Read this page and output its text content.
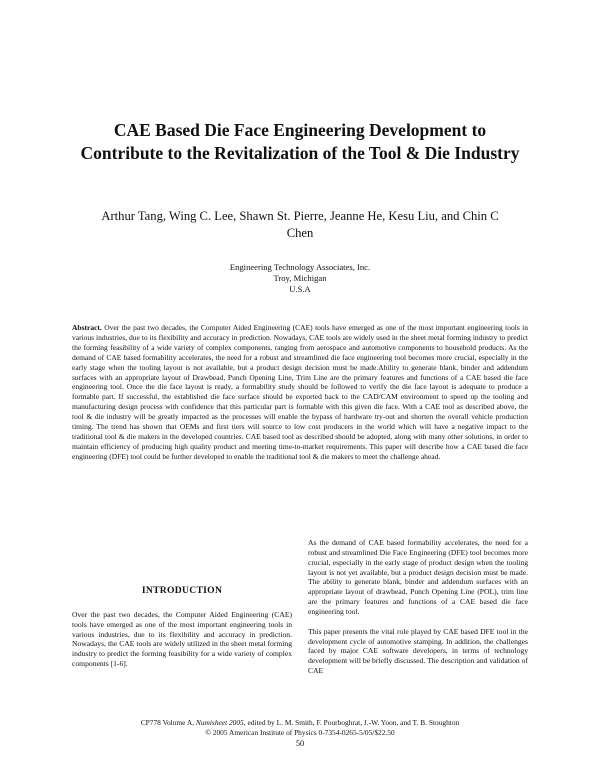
CAE Based Die Face Engineering Development to
Contribute to the Revitalization of the Tool & Die Industry

Arthur Tang, Wing C. Lee, Shawn St. Pierre, Jeanne He, Kesu Liu, and Chin C
Chen

Engineering Technology Associates, Inc.
Troy, Michigan
U.S.A

Abstract. Over the past two decades, the Computer Aided Engineering (CAE) tools have emerged as one of the most important engineering tools in various industries, due to its flexibility and accuracy in prediction. Nowadays, CAE tools are widely used in the sheet metal forming industry to predict the forming feasibility of a wide variety of complex components, ranging from aerospace and automotive components to household products. As the demand of CAE based formability accelerates, the need for a robust and streamlined die face engineering tool becomes more crucial, especially in the early stage when the tooling layout is not available, but a product design decision must be made.Ability to generate blank, binder and addendum surfaces with an appropriate layout of Drawbead, Punch Opening Line, Trim Line are the primary features and functions of a CAE based die face engineering tool. Once the die face layout is ready, a formability study should be followed to verify the die face layout is adequate to produce a formable part. If successful, the established die face surface should be exported back to the CAD/CAM environment to speed up the tooling and manufacturing design process with confidence that this particular part is formable with this given die face. With a CAE tool as described above, the tool & die industry will be greatly impacted as the processes will enable the bypass of hardware try-out and shorten the overall vehicle production timing. The trend has shown that OEMs and first tiers will source to low cost producers in the world which will have a negative impact to the traditional tool & die makers in the developed countries. CAE based tool as described should be adopted, along with many other solutions, in order to maintain efficiency of producing high quality product and meeting time-to-market requirements. This paper will describe how a CAE based die face engineering (DFE) tool could be further developed to enable the traditional tool & die makers to meet the challenge ahead.

INTRODUCTION

Over the past two decades, the Computer Aided Engineering (CAE) tools have emerged as one of the most important engineering tools in various industries, due to its flexibility and accuracy in prediction. Nowadays, the CAE tools are widely utilized in the sheet metal forming industry to predict the forming feasibility for a wide variety of complex components [1-6].

As the demand of CAE based formability accelerates, the need for a robust and streamlined Die Face Engineering (DFE) tool becomes more crucial, especially in the early stage of product design when the tooling layout is not yet available, but a product design decision must be made. The ability to generate blank, binder and addendum surfaces with an appropriate layout of drawbead, Punch Opening Line (POL), trim line are the primary features and functions of a CAE based die face engineering tool.

This paper presents the vital role played by CAE based DFE tool in the development cycle of automotive stamping. In addition, the challenges faced by major CAE software developers, in terms of technology development will be briefly discussed. The description and validation of CAE

CP778 Volume A, Numisheet 2005, edited by L. M. Smith, F. Pourboghrat, J.-W. Yoon, and T. B. Stoughton
© 2005 American Institute of Physics 0-7354-0265-5/05/$22.50
50
